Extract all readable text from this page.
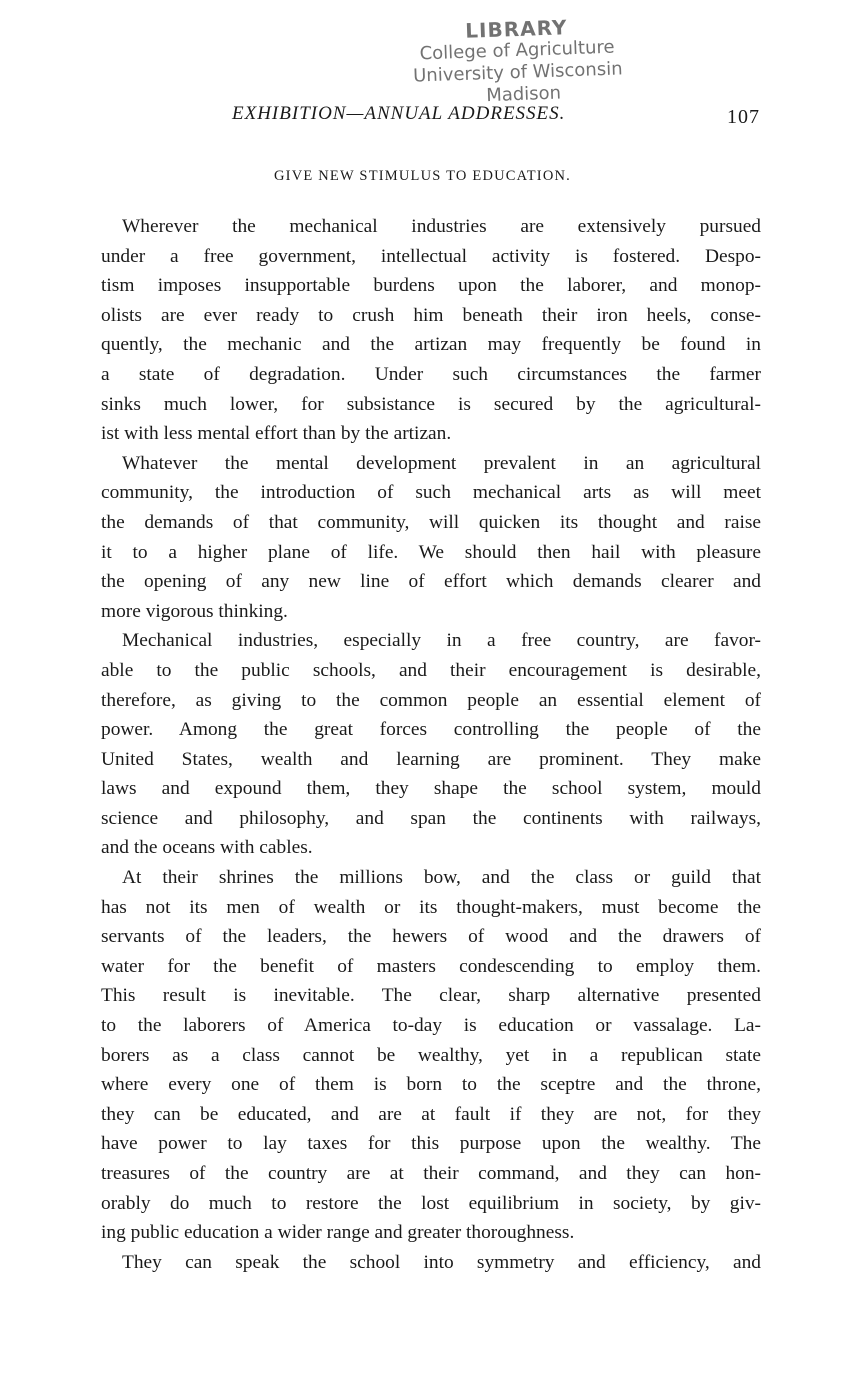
LIBRARY
College of Agriculture
University of Wisconsin
Madison
EXHIBITION—ANNUAL ADDRESSES.	107
GIVE NEW STIMULUS TO EDUCATION.
Wherever the mechanical industries are extensively pursued
under a free government, intellectual activity is fostered. Despo-
tism imposes insupportable burdens upon the laborer, and monop-
olists are ever ready to crush him beneath their iron heels, conse-
quently, the mechanic and the artizan may frequently be found in
a state of degradation. Under such circumstances the farmer
sinks much lower, for subsistance is secured by the agricultural-
ist with less mental effort than by the artizan.
Whatever the mental development prevalent in an agricultural
community, the introduction of such mechanical arts as will meet
the demands of that community, will quicken its thought and raise
it to a higher plane of life. We should then hail with pleasure
the opening of any new line of effort which demands clearer and
more vigorous thinking.
Mechanical industries, especially in a free country, are favor-
able to the public schools, and their encouragement is desirable,
therefore, as giving to the common people an essential element of
power. Among the great forces controlling the people of the
United States, wealth and learning are prominent. They make
laws and expound them, they shape the school system, mould
science and philosophy, and span the continents with railways,
and the oceans with cables.
At their shrines the millions bow, and the class or guild that
has not its men of wealth or its thought-makers, must become the
servants of the leaders, the hewers of wood and the drawers of
water for the benefit of masters condescending to employ them.
This result is inevitable. The clear, sharp alternative presented
to the laborers of America to-day is education or vassalage. La-
borers as a class cannot be wealthy, yet in a republican state
where every one of them is born to the sceptre and the throne,
they can be educated, and are at fault if they are not, for they
have power to lay taxes for this purpose upon the wealthy. The
treasures of the country are at their command, and they can hon-
orably do much to restore the lost equilibrium in society, by giv-
ing public education a wider range and greater thoroughness.
They can speak the school into symmetry and efficiency, and
